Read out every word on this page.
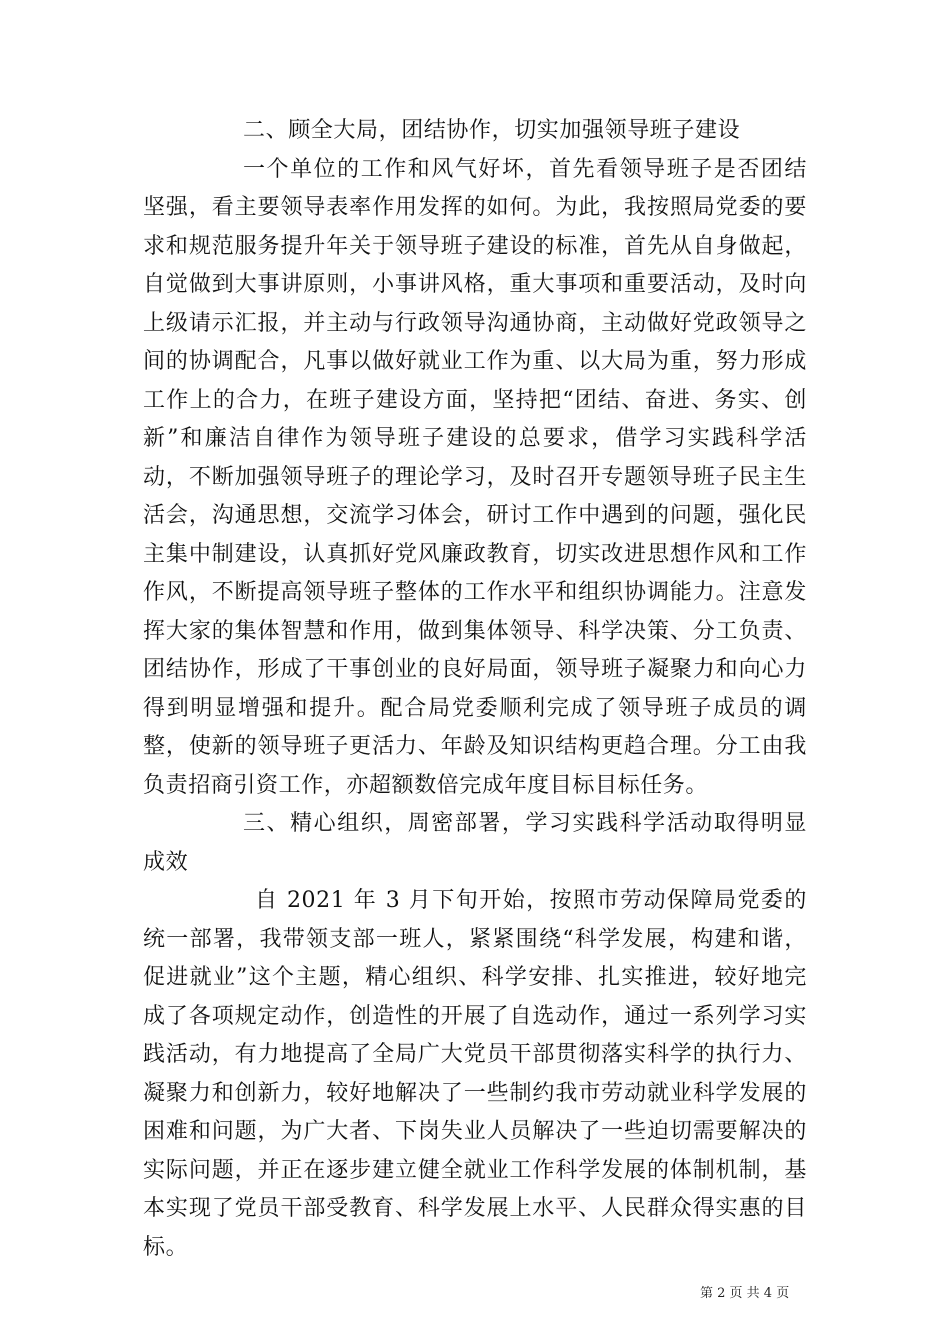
二、顾全大局，团结协作，切实加强领导班子建设

一个单位的工作和风气好坏，首先看领导班子是否团结坚强，看主要领导表率作用发挥的如何。为此，我按照局党委的要求和规范服务提升年关于领导班子建设的标准，首先从自身做起，自觉做到大事讲原则，小事讲风格，重大事项和重要活动，及时向上级请示汇报，并主动与行政领导沟通协商，主动做好党政领导之间的协调配合，凡事以做好就业工作为重、以大局为重，努力形成工作上的合力，在班子建设方面，坚持把“团结、奋进、务实、创新”和廉洁自律作为领导班子建设的总要求，借学习实践科学活动，不断加强领导班子的理论学习，及时召开专题领导班子民主生活会，沟通思想，交流学习体会，研讨工作中遇到的问题，强化民主集中制建设，认真抓好党风廉政教育，切实改进思想作风和工作作风，不断提高领导班子整体的工作水平和组织协调能力。注意发挥大家的集体智慧和作用，做到集体领导、科学决策、分工负责、团结协作，形成了干事创业的良好局面，领导班子凝聚力和向心力得到明显增强和提升。配合局党委顺利完成了领导班子成员的调整，使新的领导班子更活力、年龄及知识结构更趋合理。分工由我负责招商引资工作，亦超额数倍完成年度目标目标任务。

三、精心组织，周密部署，学习实践科学活动取得明显成效

自 2021 年 3 月下旬开始，按照市劳动保障局党委的统一部署，我带领支部一班人，紧紧围绕“科学发展，构建和谐，促进就业”这个主题，精心组织、科学安排、扎实推进，较好地完成了各项规定动作，创造性的开展了自选动作，通过一系列学习实践活动，有力地提高了全局广大党员干部贯彻落实科学的执行力、凝聚力和创新力，较好地解决了一些制约我市劳动就业科学发展的困难和问题，为广大者、下岗失业人员解决了一些迫切需要解决的实际问题，并正在逐步建立健全就业工作科学发展的体制机制，基本实现了党员干部受教育、科学发展上水平、人民群众得实惠的目标。

第 2 页 共 4 页
